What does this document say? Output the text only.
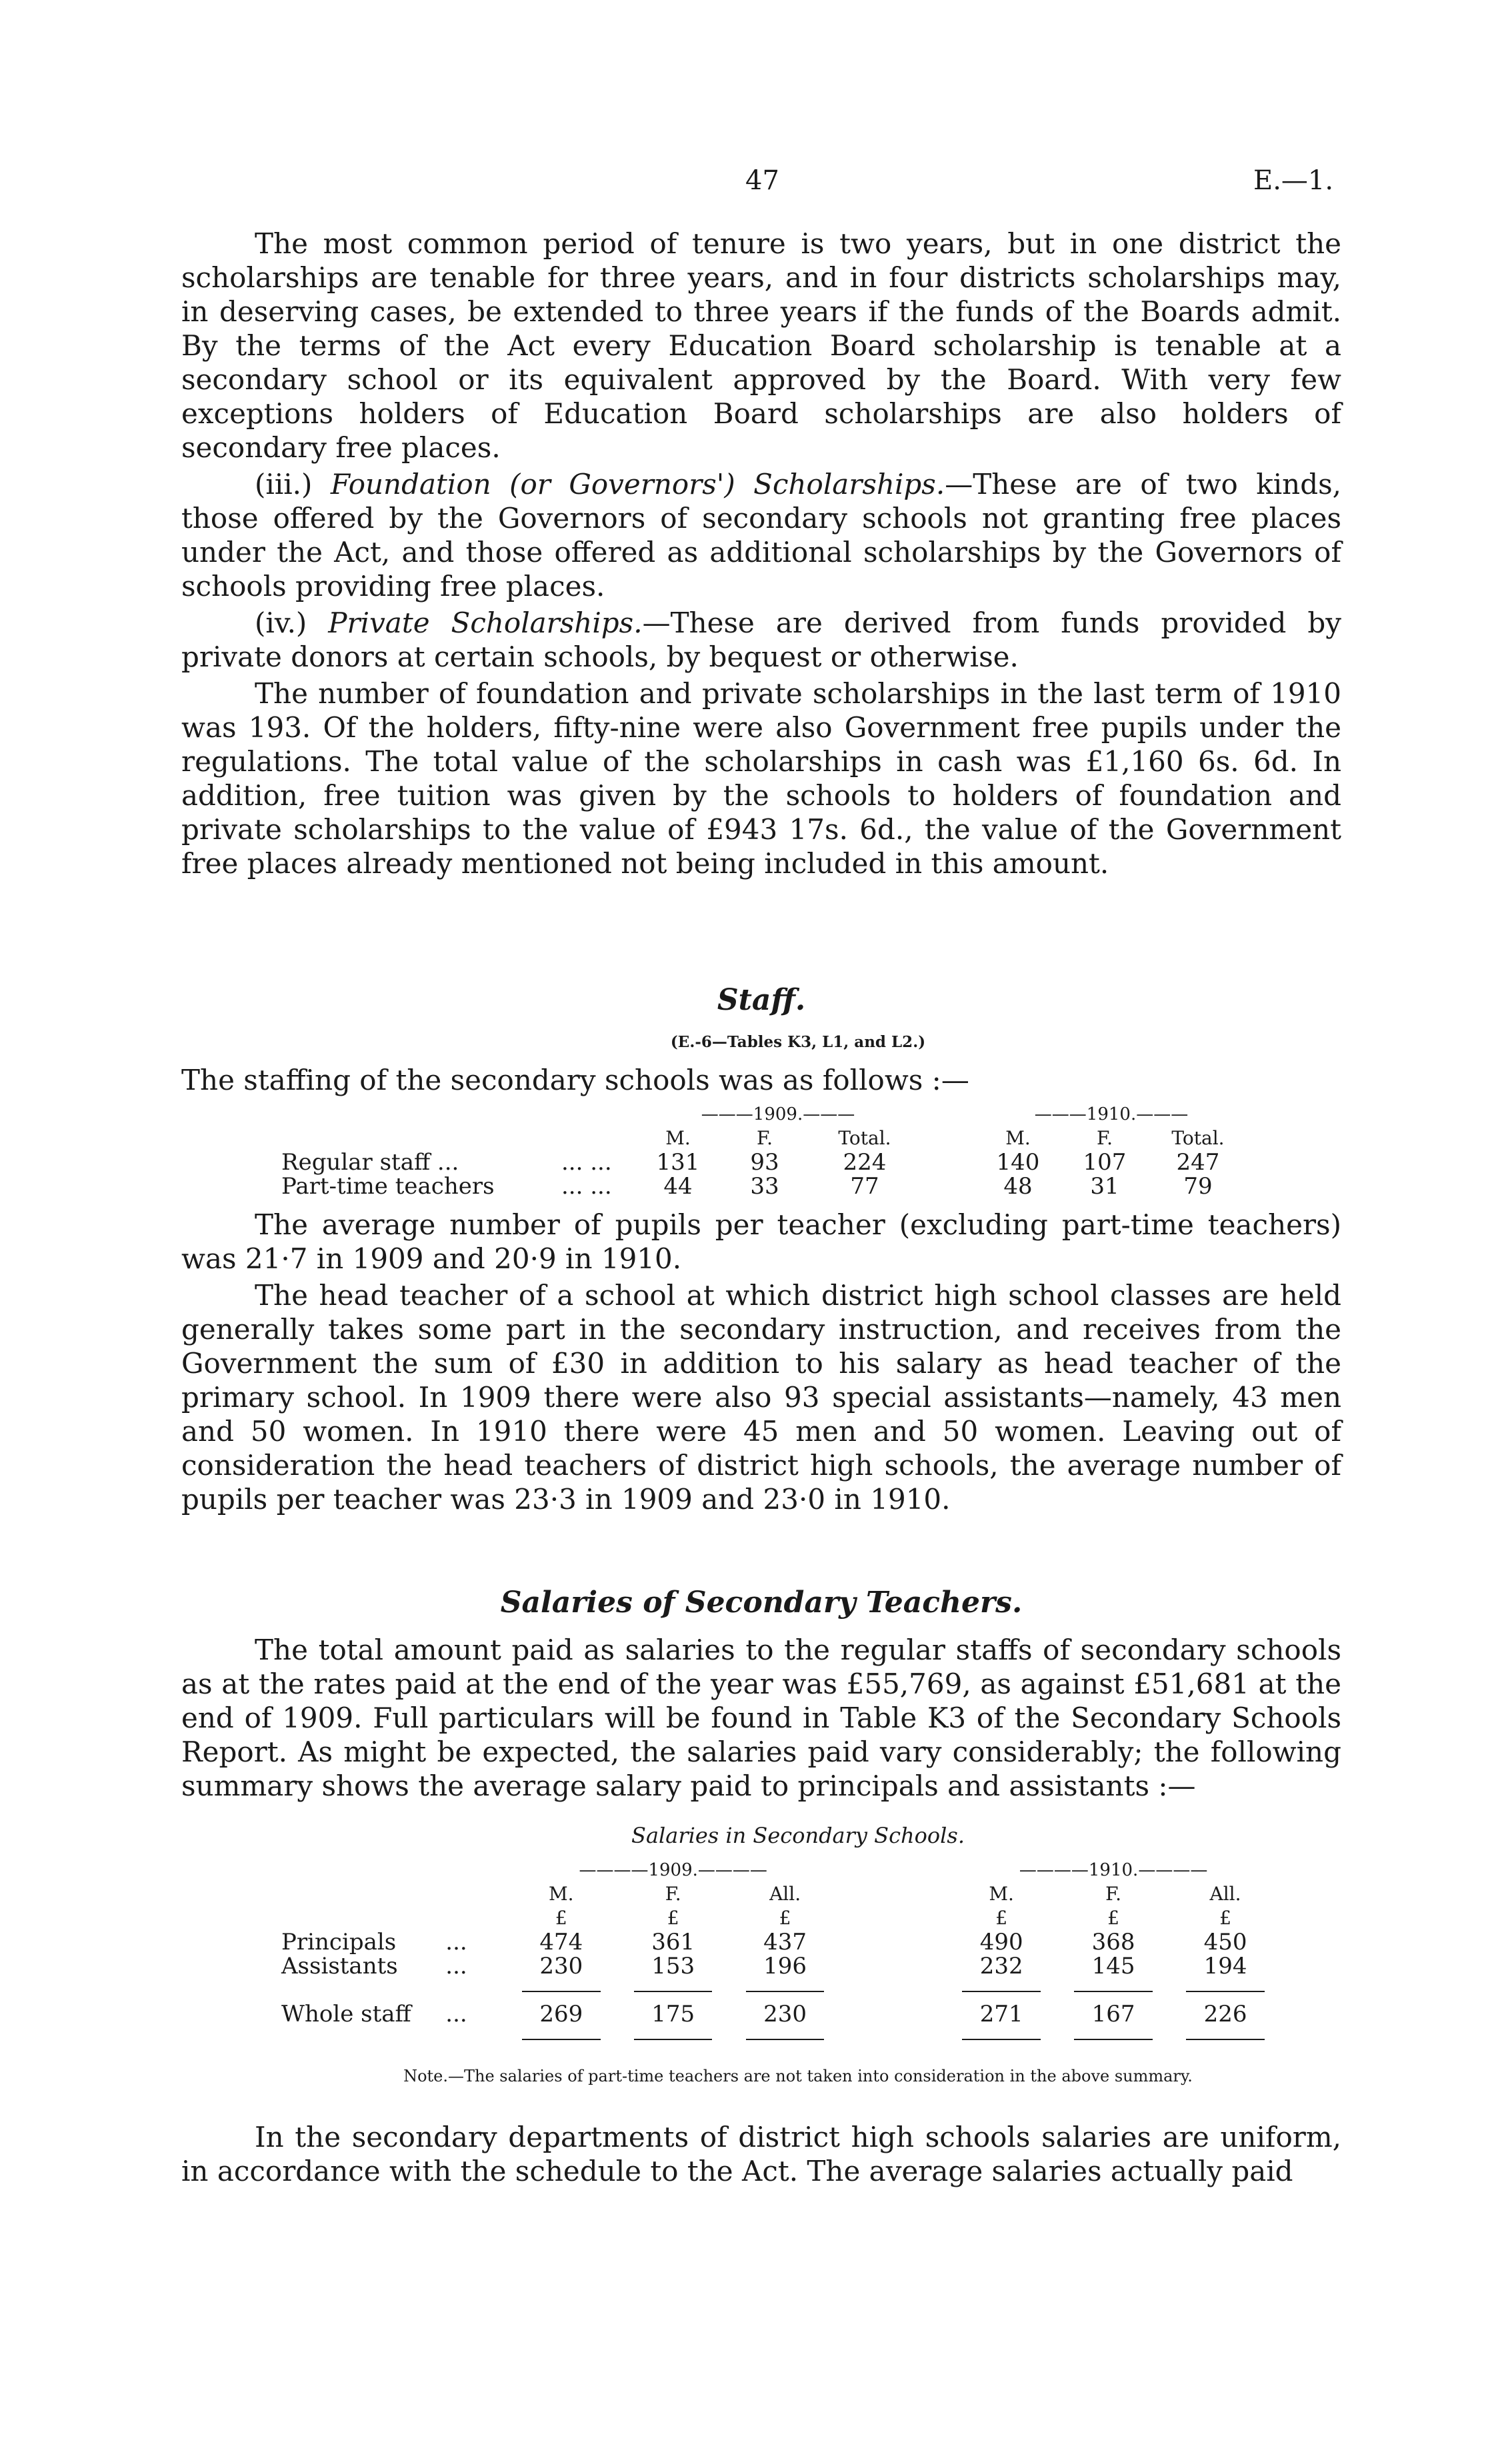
47	E.—1.

The most common period of tenure is two years, but in one district the scholarships are tenable for three years, and in four districts scholarships may, in deserving cases, be extended to three years if the funds of the Boards admit. By the terms of the Act every Education Board scholarship is tenable at a secondary school or its equivalent approved by the Board. With very few exceptions holders of Education Board scholarships are also holders of secondary free places.

(iii.) Foundation (or Governors') Scholarships.—These are of two kinds, those offered by the Governors of secondary schools not granting free places under the Act, and those offered as additional scholarships by the Governors of schools providing free places.

(iv.) Private Scholarships.—These are derived from funds provided by private donors at certain schools, by bequest or otherwise.

The number of foundation and private scholarships in the last term of 1910 was 193. Of the holders, fifty-nine were also Government free pupils under the regulations. The total value of the scholarships in cash was £1,160 6s. 6d. In addition, free tuition was given by the schools to holders of foundation and private scholarships to the value of £943 17s. 6d., the value of the Government free places already mentioned not being included in this amount.

Staff.

(E.-6—Tables K3, L1, and L2.)

The staffing of the secondary schools was as follows :—

		———1909.———				———1910.———		
		M.	F.	Total.		M.	F.	Total.
Regular staff ...	... ...	131	93	224		140	107	247
Part-time teachers	... ...	44	33	77		48	31	79

The average number of pupils per teacher (excluding part-time teachers) was 21·7 in 1909 and 20·9 in 1910.

The head teacher of a school at which district high school classes are held generally takes some part in the secondary instruction, and receives from the Government the sum of £30 in addition to his salary as head teacher of the primary school. In 1909 there were also 93 special assistants—namely, 43 men and 50 women. In 1910 there were 45 men and 50 women. Leaving out of consideration the head teachers of district high schools, the average number of pupils per teacher was 23·3 in 1909 and 23·0 in 1910.

Salaries of Secondary Teachers.

The total amount paid as salaries to the regular staffs of secondary schools as at the rates paid at the end of the year was £55,769, as against £51,681 at the end of 1909. Full particulars will be found in Table K3 of the Secondary Schools Report. As might be expected, the salaries paid vary considerably; the following summary shows the average salary paid to principals and assistants :—

Salaries in Secondary Schools.

		————1909.————				————1910.————		
		M.	F.	All.		M.	F.	All.
		£	£	£		£	£	£
Principals	...	474	361	437		490	368	450
Assistants	...	230	153	196		232	145	194

Whole staff	...	269	175	230		271	167	226

Note.—The salaries of part-time teachers are not taken into consideration in the above summary.

In the secondary departments of district high schools salaries are uniform, in accordance with the schedule to the Act. The average salaries actually paid
